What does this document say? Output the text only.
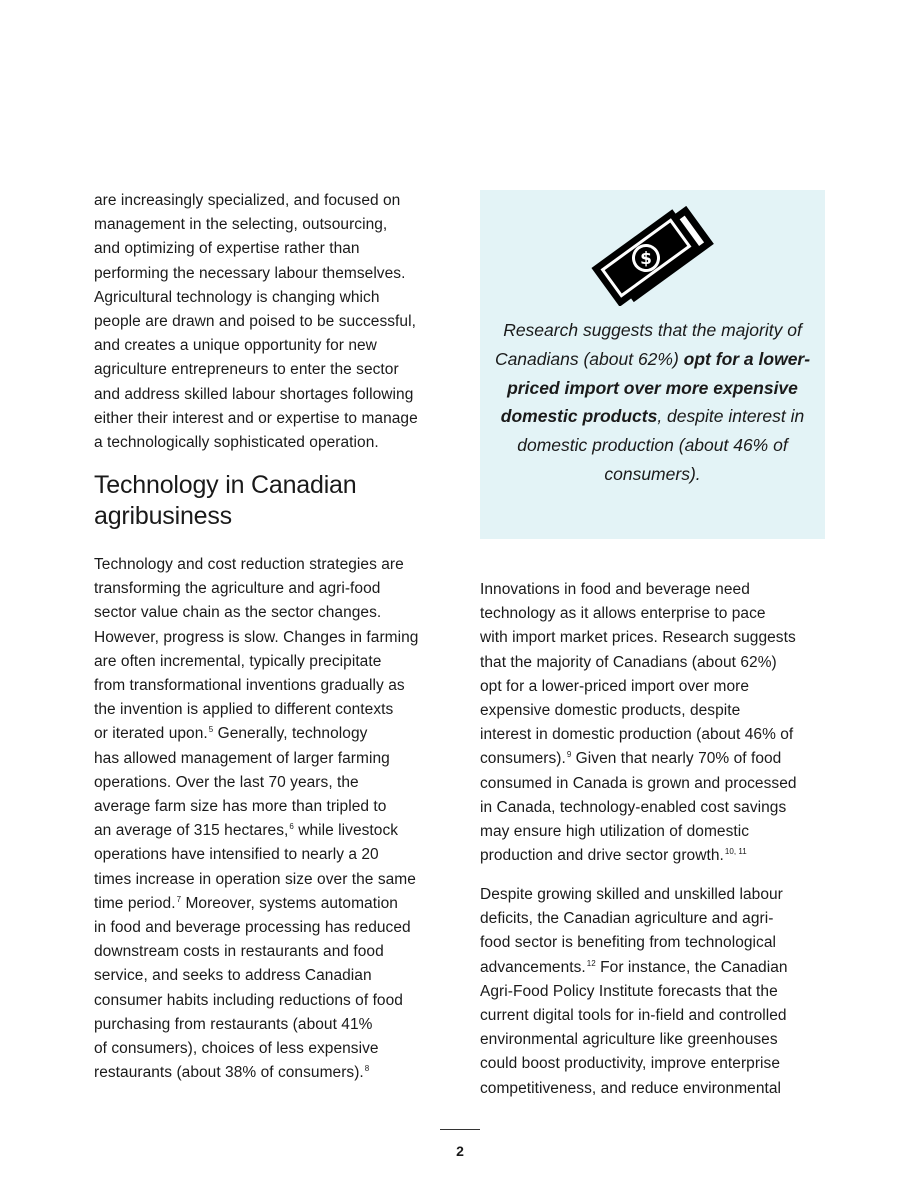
are increasingly specialized, and focused on
management in the selecting, outsourcing,
and optimizing of expertise rather than
performing the necessary labour themselves.
Agricultural technology is changing which
people are drawn and poised to be successful,
and creates a unique opportunity for new
agriculture entrepreneurs to enter the sector
and address skilled labour shortages following
either their interest and or expertise to manage
a technologically sophisticated operation.

Technology in Canadian
agribusiness

Technology and cost reduction strategies are
transforming the agriculture and agri-food
sector value chain as the sector changes.
However, progress is slow. Changes in farming
are often incremental, typically precipitate
from transformational inventions gradually as
the invention is applied to different contexts
or iterated upon.$^5$ Generally, technology
has allowed management of larger farming
operations. Over the last 70 years, the
average farm size has more than tripled to
an average of 315 hectares,$^6$ while livestock
operations have intensified to nearly a 20
times increase in operation size over the same
time period.$^7$ Moreover, systems automation
in food and beverage processing has reduced
downstream costs in restaurants and food
service, and seeks to address Canadian
consumer habits including reductions of food
purchasing from restaurants (about 41%
of consumers), choices of less expensive
restaurants (about 38% of consumers).$^8$

$

Research suggests that the majority of Canadians (about 62%) opt for a lower-priced import over more expensive domestic products, despite interest in domestic production (about 46% of consumers).

Innovations in food and beverage need
technology as it allows enterprise to pace
with import market prices. Research suggests
that the majority of Canadians (about 62%)
opt for a lower-priced import over more
expensive domestic products, despite
interest in domestic production (about 46% of
consumers).$^9$ Given that nearly 70% of food
consumed in Canada is grown and processed
in Canada, technology-enabled cost savings
may ensure high utilization of domestic
production and drive sector growth.$^{10, 11}$

Despite growing skilled and unskilled labour
deficits, the Canadian agriculture and agri-
food sector is benefiting from technological
advancements.$^{12}$ For instance, the Canadian
Agri-Food Policy Institute forecasts that the
current digital tools for in-field and controlled
environmental agriculture like greenhouses
could boost productivity, improve enterprise
competitiveness, and reduce environmental

2
